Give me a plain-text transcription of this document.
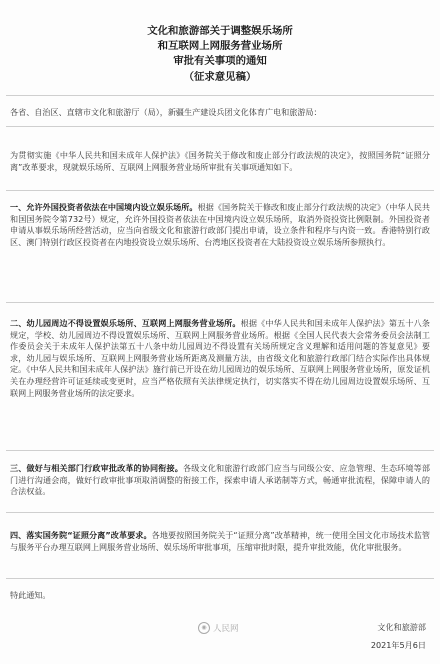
文化和旅游部关于调整娱乐场所
和互联网上网服务营业场所
审批有关事项的通知
（征求意见稿）

各省、自治区、直辖市文化和旅游厅（局），新疆生产建设兵团文化体育广电和旅游局：

为贯彻实施《中华人民共和国未成年人保护法》《国务院关于修改和废止部分行政法规的决定》，按照国务院“证照分离”改革要求，现就娱乐场所、互联网上网服务营业场所审批有关事项通知如下。

一、允许外国投资者依法在中国境内设立娱乐场所。根据《国务院关于修改和废止部分行政法规的决定》（中华人民共和国国务院令第732号）规定，允许外国投资者依法在中国境内设立娱乐场所，取消外资投资比例限制。外国投资者申请从事娱乐场所经营活动，应当向省级文化和旅游行政部门提出申请，设立条件和程序与内资一致。香港特别行政区、澳门特别行政区投资者在内地投资设立娱乐场所、台湾地区投资者在大陆投资设立娱乐场所参照执行。

二、幼儿园周边不得设置娱乐场所、互联网上网服务营业场所。根据《中华人民共和国未成年人保护法》第五十八条规定，学校、幼儿园周边不得设置娱乐场所、互联网上网服务营业场所。根据《全国人民代表大会常务委员会法制工作委员会关于未成年人保护法第五十八条中幼儿园周边不得设置有关场所规定含义理解和适用问题的答复意见》要求，幼儿园与娱乐场所、互联网上网服务营业场所距离及测量方法，由省级文化和旅游行政部门结合实际作出具体规定。《中华人民共和国未成年人保护法》施行前已开设在幼儿园周边的娱乐场所、互联网上网服务营业场所，原发证机关在办理经营许可证延续或变更时，应当严格依照有关法律规定执行，切实落实不得在幼儿园周边设置娱乐场所、互联网上网服务营业场所的法定要求。

三、做好与相关部门行政审批改革的协同衔接。各级文化和旅游行政部门应当与同级公安、应急管理、生态环境等部门进行沟通会商，做好行政审批事项取消调整的衔接工作，探索申请人承诺制等方式，畅通审批流程，保障申请人的合法权益。

四、落实国务院“证照分离”改革要求。各地要按照国务院关于“证照分离”改革精神，统一使用全国文化市场技术监管与服务平台办理互联网上网服务营业场所、娱乐场所审批事项，压缩审批时限，提升审批效能，优化审批服务。

特此通知。

文化和旅游部
2021年5月6日
◉ 人民网
